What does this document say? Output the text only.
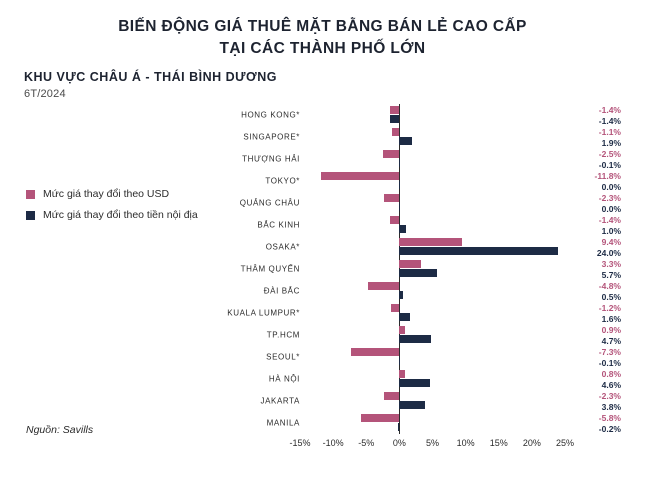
BIẾN ĐỘNG GIÁ THUÊ MẶT BẰNG BÁN LẺ CAO CẤP
TẠI CÁC THÀNH PHỐ LỚN
KHU VỰC CHÂU Á - THÁI BÌNH DƯƠNG
6T/2024
Mức giá thay đổi theo USD
Mức giá thay đổi theo tiền nội địa
HONG KONG*
SINGAPORE*
THƯỢNG HẢI
TOKYO*
QUẢNG CHÂU
BẮC KINH
OSAKA*
THÂM QUYẾN
ĐÀI BẮC
KUALA LUMPUR*
TP.HCM
SEOUL*
HÀ NỘI
JAKARTA
MANILA
-15% -10% -5% 0% 5% 10% 15% 20% 25%
-1.4%
-1.4%
-1.1%
1.9%
-2.5%
-0.1%
-11.8%
0.0%
-2.3%
0.0%
-1.4%
1.0%
9.4%
24.0%
3.3%
5.7%
-4.8%
0.5%
-1.2%
1.6%
0.9%
4.7%
-7.3%
-0.1%
0.8%
4.6%
-2.3%
3.8%
-5.8%
-0.2%
Nguồn: Savills
